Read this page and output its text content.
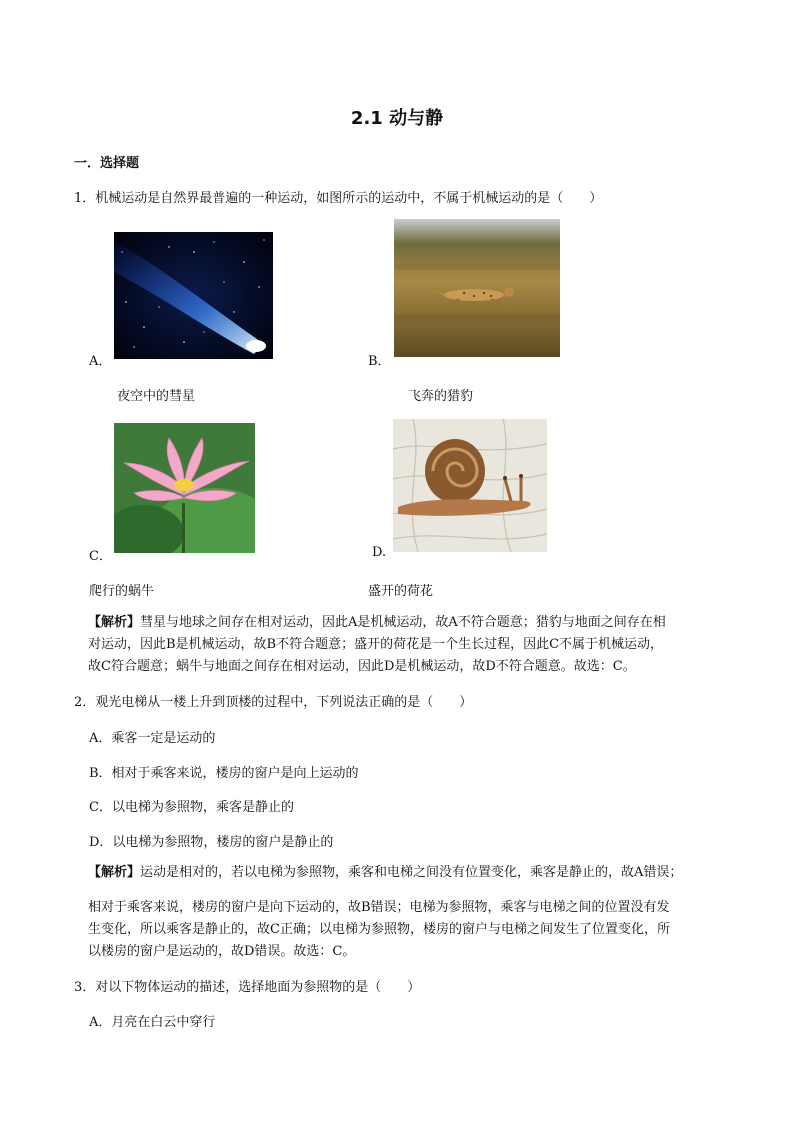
2.1 动与静
一．选择题
1．机械运动是自然界最普遍的一种运动，如图所示的运动中，不属于机械运动的是（　　）
A．
夜空中的彗星
B．
飞奔的猎豹
C．
爬行的蜗牛
D.
盛开的荷花
【解析】彗星与地球之间存在相对运动，因此A是机械运动，故A不符合题意；猎豹与地面之间存在相
对运动，因此B是机械运动，故B不符合题意；盛开的荷花是一个生长过程，因此C不属于机械运动，
故C符合题意；蜗牛与地面之间存在相对运动，因此D是机械运动，故D不符合题意。故选：C。
2．观光电梯从一楼上升到顶楼的过程中，下列说法正确的是（　　）
A．乘客一定是运动的
B．相对于乘客来说，楼房的窗户是向上运动的
C．以电梯为参照物，乘客是静止的
D．以电梯为参照物，楼房的窗户是静止的
【解析】运动是相对的，若以电梯为参照物，乘客和电梯之间没有位置变化，乘客是静止的，故A错误；
相对于乘客来说，楼房的窗户是向下运动的，故B错误；电梯为参照物，乘客与电梯之间的位置没有发
生变化，所以乘客是静止的，故C正确；以电梯为参照物，楼房的窗户与电梯之间发生了位置变化，所
以楼房的窗户是运动的，故D错误。故选：C。
3．对以下物体运动的描述，选择地面为参照物的是（　　）
A．月亮在白云中穿行
